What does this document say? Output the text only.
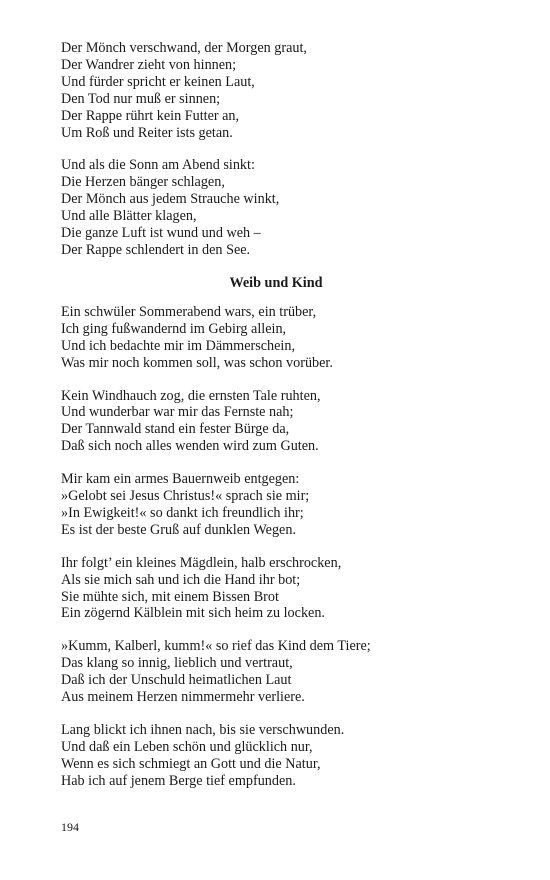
Der Mönch verschwand, der Morgen graut,
Der Wandrer zieht von hinnen;
Und fürder spricht er keinen Laut,
Den Tod nur muß er sinnen;
Der Rappe rührt kein Futter an,
Um Roß und Reiter ists getan.
Und als die Sonn am Abend sinkt:
Die Herzen bänger schlagen,
Der Mönch aus jedem Strauche winkt,
Und alle Blätter klagen,
Die ganze Luft ist wund und weh –
Der Rappe schlendert in den See.
Weib und Kind
Ein schwüler Sommerabend wars, ein trüber,
Ich ging fußwandernd im Gebirg allein,
Und ich bedachte mir im Dämmerschein,
Was mir noch kommen soll, was schon vorüber.
Kein Windhauch zog, die ernsten Tale ruhten,
Und wunderbar war mir das Fernste nah;
Der Tannwald stand ein fester Bürge da,
Daß sich noch alles wenden wird zum Guten.
Mir kam ein armes Bauernweib entgegen:
»Gelobt sei Jesus Christus!« sprach sie mir;
»In Ewigkeit!« so dankt ich freundlich ihr;
Es ist der beste Gruß auf dunklen Wegen.
Ihr folgt’ ein kleines Mägdlein, halb erschrocken,
Als sie mich sah und ich die Hand ihr bot;
Sie mühte sich, mit einem Bissen Brot
Ein zögernd Kälblein mit sich heim zu locken.
»Kumm, Kalberl, kumm!« so rief das Kind dem Tiere;
Das klang so innig, lieblich und vertraut,
Daß ich der Unschuld heimatlichen Laut
Aus meinem Herzen nimmermehr verliere.
Lang blickt ich ihnen nach, bis sie verschwunden.
Und daß ein Leben schön und glücklich nur,
Wenn es sich schmiegt an Gott und die Natur,
Hab ich auf jenem Berge tief empfunden.
194
